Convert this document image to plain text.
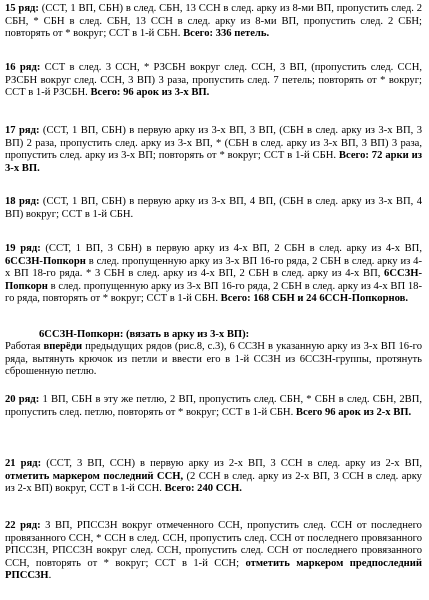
15 ряд: (ССТ, 1 ВП, СБН) в след. СБН, 13 ССН в след. арку из 8-ми ВП, пропустить след. 2 СБН, * СБН в след. СБН, 13 ССН в след. арку из 8-ми ВП, пропустить след. 2 СБН; повторять от * вокруг; ССТ в 1-й СБН. Всего: 336 петель.

16 ряд: ССТ в след. 3 ССН, * РЗСБН вокруг след. ССН, 3 ВП, (пропустить след. ССН, РЗСБН вокруг след. ССН, 3 ВП) 3 раза, пропустить след. 7 петель; повторять от * вокруг; ССТ в 1-й РЗСБН. Всего: 96 арок из 3-х ВП.

17 ряд: (ССТ, 1 ВП, СБН) в первую арку из 3-х ВП, 3 ВП, (СБН в след. арку из 3-х ВП, 3 ВП) 2 раза, пропустить след. арку из 3-х ВП, * (СБН в след. арку из 3-х ВП, 3 ВП) 3 раза, пропустить след. арку из 3-х ВП; повторять от * вокруг; ССТ в 1-й СБН. Всего: 72 арки из 3-х ВП.

18 ряд: (ССТ, 1 ВП, СБН) в первую арку из 3-х ВП, 4 ВП, (СБН в след. арку из 3-х ВП, 4 ВП) вокруг; ССТ в 1-й СБН.

19 ряд: (ССТ, 1 ВП, 3 СБН) в первую арку из 4-х ВП, 2 СБН в след. арку из 4-х ВП, 6ССЗН-Попкорн в след. пропущенную арку из 3-х ВП 16-го ряда, 2 СБН в след. арку из 4-х ВП 18-го ряда. * 3 СБН в след. арку из 4-х ВП, 2 СБН в след. арку из 4-х ВП, 6ССЗН-Попкорн в след. пропущенную арку из 3-х ВП 16-го ряда, 2 СБН в след. арку из 4-х ВП 18-го ряда, повторять от * вокруг; ССТ в 1-й СБН. Всего: 168 СБН и 24 6ССН-Попкорнов.

6ССЗН-Попкорн: (вязать в арку из 3-х ВП):

Работая вперёди предыдущих рядов (рис.8, с.3), 6 ССЗН в указанную арку из 3-х ВП 16-го ряда, вытянуть крючок из петли и ввести его в 1-й ССЗН из 6ССЗН-группы, протянуть сброшенную петлю.

20 ряд: 1 ВП, СБН в эту же петлю, 2 ВП, пропустить след. СБН, * СБН в след. СБН, 2ВП, пропустить след. петлю, повторять от * вокруг; ССТ в 1-й СБН. Всего 96 арок из 2-х ВП.

21 ряд: (ССТ, 3 ВП, ССН) в первую арку из 2-х ВП, 3 ССН в след. арку из 2-х ВП, отметить маркером последний ССН, (2 ССН в след. арку из 2-х ВП, 3 ССН в след. арку из 2-х ВП) вокруг, ССТ в 1-й ССН. Всего: 240 ССН.

22 ряд: 3 ВП, РПСС3Н вокруг отмеченного ССН, пропустить след. ССН от последнего провязанного ССН, * ССН в след. ССН, пропустить след. ССН от последнего провязанного РПСС3Н, РПСС3Н вокруг след. ССН, пропустить след. ССН от последнего провязанного ССН, повторять от * вокруг; ССТ в 1-й ССН; отметить маркером предпоследний РПСС3Н.
